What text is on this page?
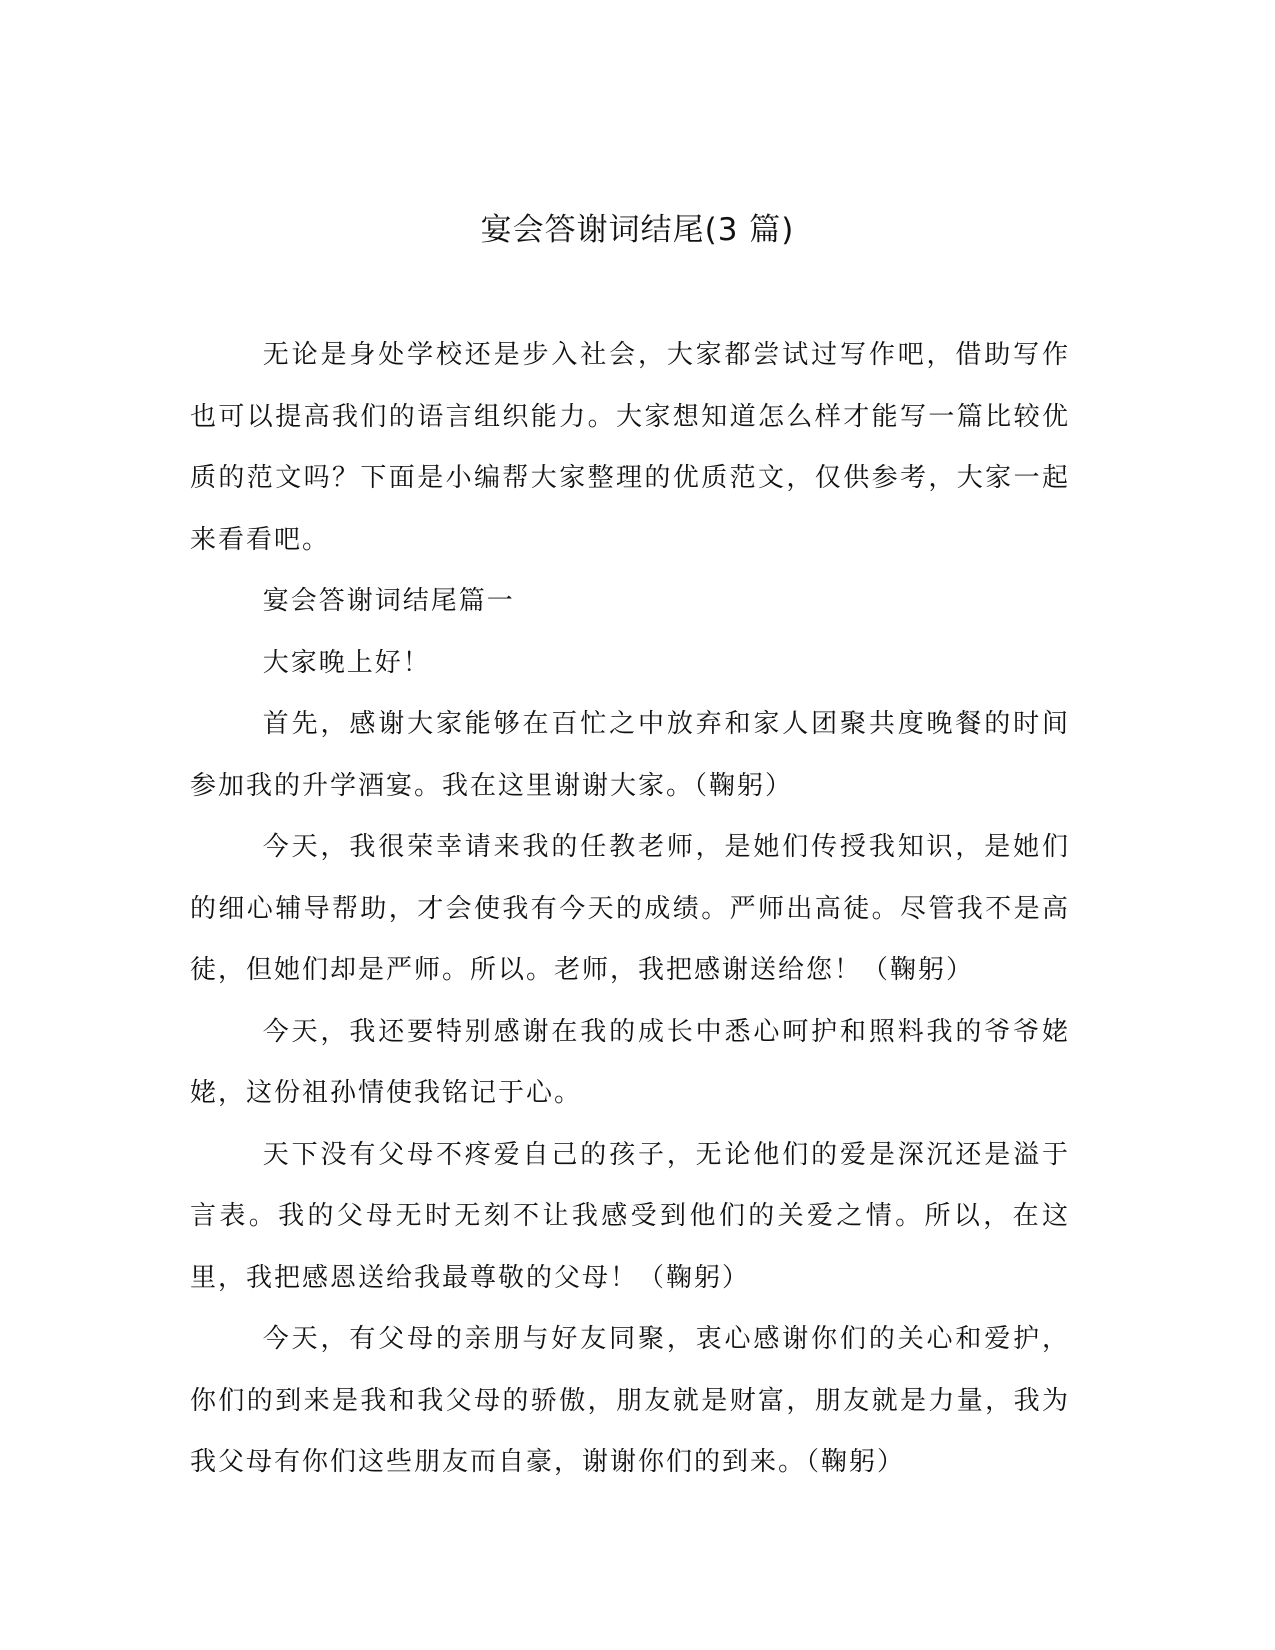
宴会答谢词结尾(3 篇)

无论是身处学校还是步入社会，大家都尝试过写作吧，借助写作也可以提高我们的语言组织能力。大家想知道怎么样才能写一篇比较优质的范文吗？下面是小编帮大家整理的优质范文，仅供参考，大家一起来看看吧。

宴会答谢词结尾篇一

大家晚上好！

首先，感谢大家能够在百忙之中放弃和家人团聚共度晚餐的时间参加我的升学酒宴。我在这里谢谢大家。（鞠躬）

今天，我很荣幸请来我的任教老师，是她们传授我知识，是她们的细心辅导帮助，才会使我有今天的成绩。严师出高徒。尽管我不是高徒，但她们却是严师。所以。老师，我把感谢送给您！（鞠躬）

今天，我还要特别感谢在我的成长中悉心呵护和照料我的爷爷姥姥，这份祖孙情使我铭记于心。

天下没有父母不疼爱自己的孩子，无论他们的爱是深沉还是溢于言表。我的父母无时无刻不让我感受到他们的关爱之情。所以，在这里，我把感恩送给我最尊敬的父母！（鞠躬）

今天，有父母的亲朋与好友同聚，衷心感谢你们的关心和爱护，你们的到来是我和我父母的骄傲，朋友就是财富，朋友就是力量，我为我父母有你们这些朋友而自豪，谢谢你们的到来。（鞠躬）
